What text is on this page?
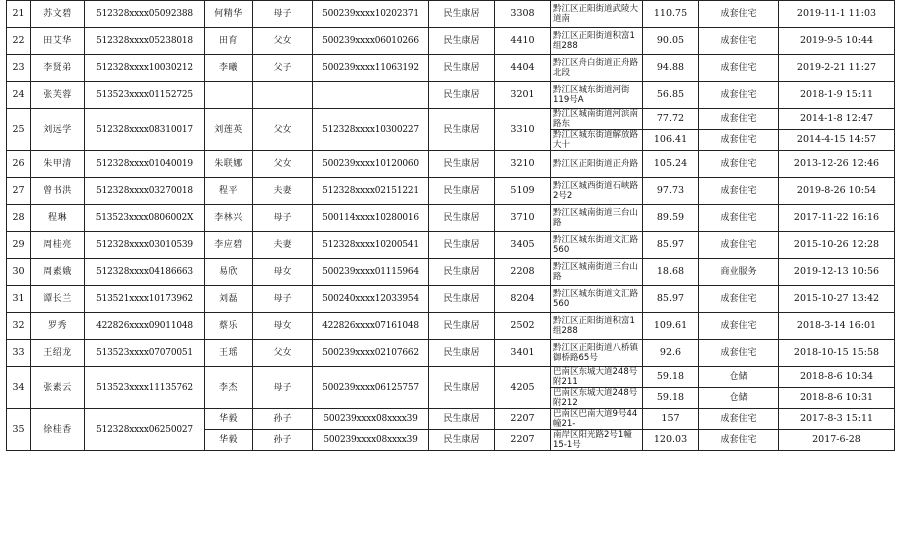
21	苏文碧	512328xxxx05092388	何精华	母子	500239xxxx10202371	民生康居	3308	黔江区正阳街道武陵大道南	110.75	成套住宅	2019-11-1 11:03
22	田艾华	512328xxxx05238018	田育	父女	500239xxxx06010266	民生康居	4410	黔江区正阳街道积富1组288	90.05	成套住宅	2019-9-5 10:44
23	李贤弟	512328xxxx10030212	李曦	父子	500239xxxx11063192	民生康居	4404	黔江区舟白街道正舟路北段	94.88	成套住宅	2019-2-21 11:27
24	张芙蓉	513523xxxx01152725				民生康居	3201	黔江区城东街道河街119号A	56.85	成套住宅	2018-1-9 15:11
25	刘远学	512328xxxx08310017	刘莲英	父女	512328xxxx10300227	民生康居	3310	黔江区城南街道河滨南路东	77.72	成套住宅	2014-1-8 12:47
								黔江区城东街道解放路大十	106.41	成套住宅	2014-4-15 14:57
26	朱甲清	512328xxxx01040019	朱联娜	父女	500239xxxx10120060	民生康居	3210	黔江区正阳街道正舟路	105.24	成套住宅	2013-12-26 12:46
27	曾书洪	512328xxxx03270018	程平	夫妻	512328xxxx02151221	民生康居	5109	黔江区城西街道石峡路2号2	97.73	成套住宅	2019-8-26 10:54
28	程琳	513523xxxx0806002X	李林兴	母子	500114xxxx10280016	民生康居	3710	黔江区城南街道三台山路	89.59	成套住宅	2017-11-22 16:16
29	周桂亮	512328xxxx03010539	李应碧	夫妻	512328xxxx10200541	民生康居	3405	黔江区城东街道文汇路560	85.97	成套住宅	2015-10-26 12:28
30	周素娥	512328xxxx04186663	易欣	母女	500239xxxx01115964	民生康居	2208	黔江区城南街道三台山路	18.68	商业服务	2019-12-13 10:56
31	谭长兰	513521xxxx10173962	刘磊	母子	500240xxxx12033954	民生康居	8204	黔江区城东街道文汇路560	85.97	成套住宅	2015-10-27 13:42
32	罗秀	422826xxxx09011048	蔡乐	母女	422826xxxx07161048	民生康居	2502	黔江区正阳街道积富1组288	109.61	成套住宅	2018-3-14 16:01
33	王绍龙	513523xxxx07070051	王瑶	父女	500239xxxx02107662	民生康居	3401	黔江区正阳街道八桥镇御桥路65号	92.6	成套住宅	2018-10-15 15:58
34	张素云	513523xxxx11135762	李杰	母子	500239xxxx06125757	民生康居	4205	巴南区东城大道248号附211	59.18	仓储	2018-8-6 10:34
								巴南区东城大道248号附212	59.18	仓储	2018-8-6 10:31
35	徐桂香	512328xxxx06250027	华毅	孙子	500239xxxx08xxxx39	民生康居	2207	巴南区巴南大道9号44幢21-	157	成套住宅	2017-8-3 15:11
			华毅	孙子	500239xxxx08xxxx39	民生康居	2207	南岸区阳光路2号1幢15-1号	120.03	成套住宅	2017-6-28
